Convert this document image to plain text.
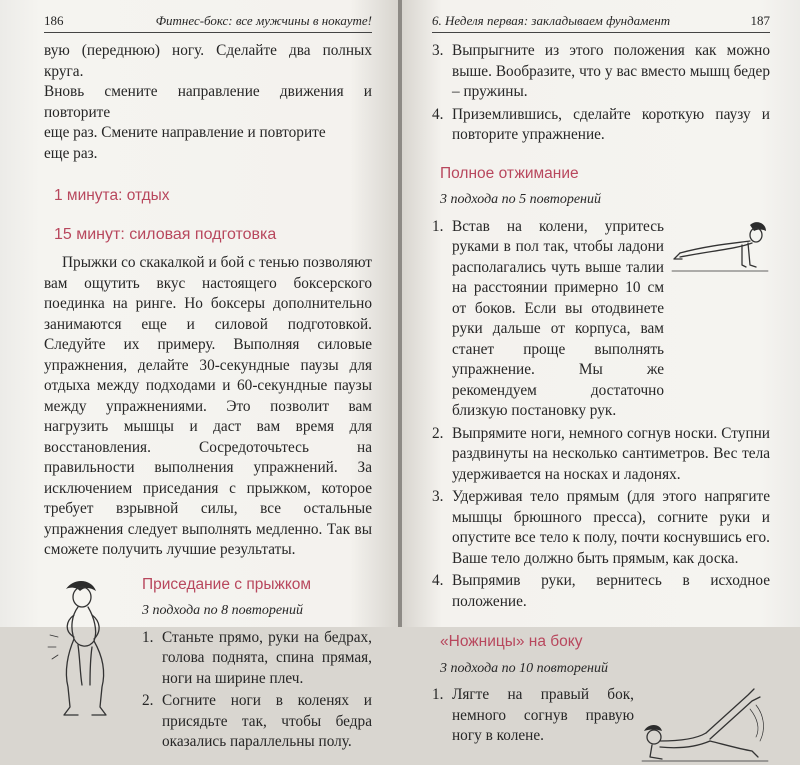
186	Фитнес-бокс: все мужчины в нокауте!

вую (переднюю) ногу. Сделайте два полных круга.

Вновь смените направление движения и повторите

еще раз. Смените направление и повторите

еще раз.

1 минута: отдых
15 минут: силовая подготовка

Прыжки со скакалкой и бой с тенью позволяют вам ощутить вкус настоящего боксерского поединка на ринге. Но боксеры дополнительно занимаются еще и силовой подготовкой. Следуйте их примеру. Выполняя силовые упражнения, делайте 30-секундные паузы для отдыха между подходами и 60-секундные паузы между упражнениями. Это позволит вам нагрузить мышцы и даст вам время для восстановления. Сосредоточьтесь на правильности выполнения упражнений. За исключением приседания с прыжком, которое требует взрывной силы, все остальные упражнения следует выполнять медленно. Так вы сможете получить лучшие результаты.

Приседание с прыжком
3 подхода по 8 повторений
1. Станьте прямо, руки на бедрах, голова поднята, спина прямая, ноги на ширине плеч.
2. Согните ноги в коленях и присядьте так, чтобы бедра оказались параллельны полу.
6. Неделя первая: закладываем фундамент	187
3. Выпрыгните из этого положения как можно выше. Вообразите, что у вас вместо мышц бедер – пружины.
4. Приземлившись, сделайте короткую паузу и повторите упражнение.
Полное отжимание
3 подхода по 5 повторений
1. Встав на колени, упритесь руками в пол так, чтобы ладони располагались чуть выше талии на расстоянии примерно 10 см от боков. Если вы отодвинете руки дальше от корпуса, вам станет проще выполнять упражнение. Мы же рекомендуем достаточно близкую постановку рук.
2. Выпрямите ноги, немного согнув носки. Ступни раздвинуты на несколько сантиметров. Вес тела удерживается на носках и ладонях.
3. Удерживая тело прямым (для этого напрягите мышцы брюшного пресса), согните руки и опустите все тело к полу, почти коснувшись его. Ваше тело должно быть прямым, как доска.
4. Выпрямив руки, вернитесь в исходное положение.
«Ножницы» на боку
3 подхода по 10 повторений
1. Лягте на правый бок, немного согнув правую ногу в колене.
